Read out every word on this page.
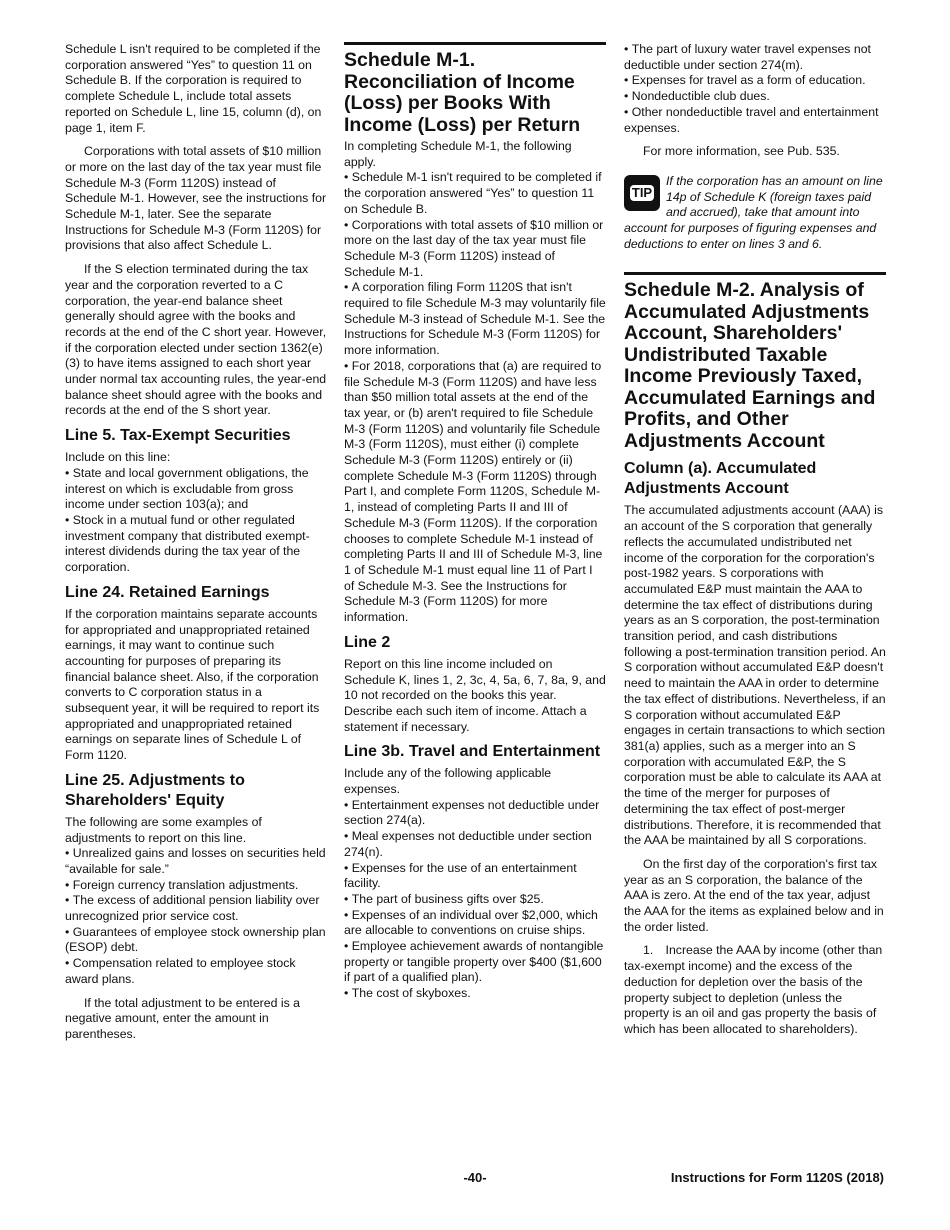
Schedule L isn't required to be completed if the corporation answered “Yes” to question 11 on Schedule B. If the corporation is required to complete Schedule L, include total assets reported on Schedule L, line 15, column (d), on page 1, item F.

Corporations with total assets of $10 million or more on the last day of the tax year must file Schedule M-3 (Form 1120S) instead of Schedule M-1. However, see the instructions for Schedule M-1, later. See the separate Instructions for Schedule M-3 (Form 1120S) for provisions that also affect Schedule L.

If the S election terminated during the tax year and the corporation reverted to a C corporation, the year-end balance sheet generally should agree with the books and records at the end of the C short year. However, if the corporation elected under section 1362(e)(3) to have items assigned to each short year under normal tax accounting rules, the year-end balance sheet should agree with the books and records at the end of the S short year.

Line 5. Tax-Exempt Securities

Include on this line:

• State and local government obligations, the interest on which is excludable from gross income under section 103(a); and
• Stock in a mutual fund or other regulated investment company that distributed exempt-interest dividends during the tax year of the corporation.
Line 24. Retained Earnings

If the corporation maintains separate accounts for appropriated and unappropriated retained earnings, it may want to continue such accounting for purposes of preparing its financial balance sheet. Also, if the corporation converts to C corporation status in a subsequent year, it will be required to report its appropriated and unappropriated retained earnings on separate lines of Schedule L of Form 1120.

Line 25. Adjustments to Shareholders' Equity

The following are some examples of adjustments to report on this line.

• Unrealized gains and losses on securities held “available for sale.”
• Foreign currency translation adjustments.
• The excess of additional pension liability over unrecognized prior service cost.
• Guarantees of employee stock ownership plan (ESOP) debt.
• Compensation related to employee stock award plans.

If the total adjustment to be entered is a negative amount, enter the amount in parentheses.

Schedule M-1. Reconciliation of Income (Loss) per Books With Income (Loss) per Return

In completing Schedule M-1, the following apply.

• Schedule M-1 isn't required to be completed if the corporation answered “Yes” to question 11 on Schedule B.
• Corporations with total assets of $10 million or more on the last day of the tax year must file Schedule M-3 (Form 1120S) instead of Schedule M-1.
• A corporation filing Form 1120S that isn't required to file Schedule M-3 may voluntarily file Schedule M-3 instead of Schedule M-1. See the Instructions for Schedule M-3 (Form 1120S) for more information.
• For 2018, corporations that (a) are required to file Schedule M-3 (Form 1120S) and have less than $50 million total assets at the end of the tax year, or (b) aren't required to file Schedule M-3 (Form 1120S) and voluntarily file Schedule M-3 (Form 1120S), must either (i) complete Schedule M-3 (Form 1120S) entirely or (ii) complete Schedule M-3 (Form 1120S) through Part I, and complete Form 1120S, Schedule M-1, instead of completing Parts II and III of Schedule M-3 (Form 1120S). If the corporation chooses to complete Schedule M-1 instead of completing Parts II and III of Schedule M-3, line 1 of Schedule M-1 must equal line 11 of Part I of Schedule M-3. See the Instructions for Schedule M-3 (Form 1120S) for more information.
Line 2

Report on this line income included on Schedule K, lines 1, 2, 3c, 4, 5a, 6, 7, 8a, 9, and 10 not recorded on the books this year. Describe each such item of income. Attach a statement if necessary.

Line 3b. Travel and Entertainment

Include any of the following applicable expenses.

• Entertainment expenses not deductible under section 274(a).
• Meal expenses not deductible under section 274(n).
• Expenses for the use of an entertainment facility.
• The part of business gifts over $25.
• Expenses of an individual over $2,000, which are allocable to conventions on cruise ships.
• Employee achievement awards of nontangible property or tangible property over $400 ($1,600 if part of a qualified plan).
• The cost of skyboxes.
• The part of luxury water travel expenses not deductible under section 274(m).
• Expenses for travel as a form of education.
• Nondeductible club dues.
• Other nondeductible travel and entertainment expenses.

For more information, see Pub. 535.

TIP

If the corporation has an amount on line 14p of Schedule K (foreign taxes paid and accrued), take that amount into account for purposes of figuring expenses and deductions to enter on lines 3 and 6.

Schedule M-2. Analysis of Accumulated Adjustments Account, Shareholders' Undistributed Taxable Income Previously Taxed, Accumulated Earnings and Profits, and Other Adjustments Account
Column (a). Accumulated Adjustments Account

The accumulated adjustments account (AAA) is an account of the S corporation that generally reflects the accumulated undistributed net income of the corporation for the corporation's post-1982 years. S corporations with accumulated E&P must maintain the AAA to determine the tax effect of distributions during years as an S corporation, the post-termination transition period, and cash distributions following a post-termination transition period. An S corporation without accumulated E&P doesn't need to maintain the AAA in order to determine the tax effect of distributions. Nevertheless, if an S corporation without accumulated E&P engages in certain transactions to which section 381(a) applies, such as a merger into an S corporation with accumulated E&P, the S corporation must be able to calculate its AAA at the time of the merger for purposes of determining the tax effect of post-merger distributions. Therefore, it is recommended that the AAA be maintained by all S corporations.

On the first day of the corporation's first tax year as an S corporation, the balance of the AAA is zero. At the end of the tax year, adjust the AAA for the items as explained below and in the order listed.

1. Increase the AAA by income (other than tax-exempt income) and the excess of the deduction for depletion over the basis of the property subject to depletion (unless the property is an oil and gas property the basis of which has been allocated to shareholders).

-40-	Instructions for Form 1120S (2018)
